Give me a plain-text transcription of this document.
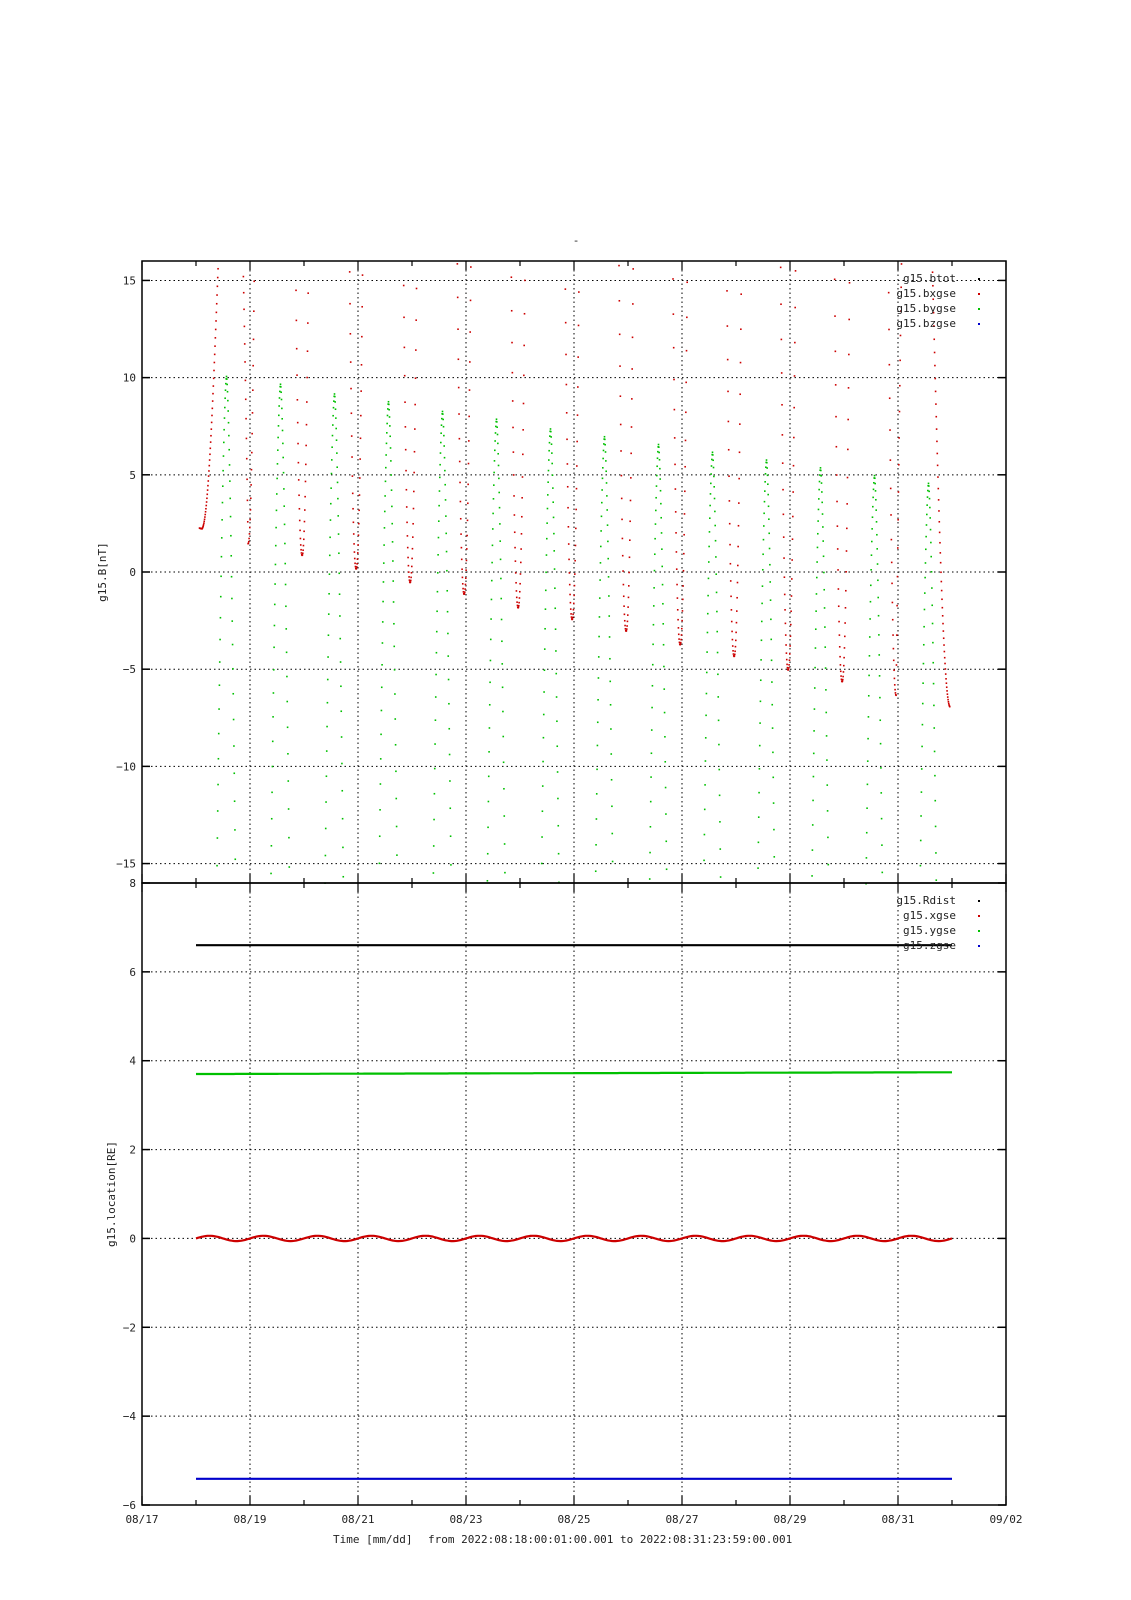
-
15
10
5
0
−5
−10
−15
g15.B[nT]
g15.btot
g15.bxgse
g15.bygse
g15.bzgse
8
6
4
2
0
−2
−4
−6
g15.location[RE]
g15.Rdist
g15.xgse
g15.ygse
g15.zgse
08/17	08/19	08/21	08/23	08/25	08/27	08/29	08/31	09/02
Time [mm/dd] from 2022:08:18:00:01:00.001 to 2022:08:31:23:59:00.001
